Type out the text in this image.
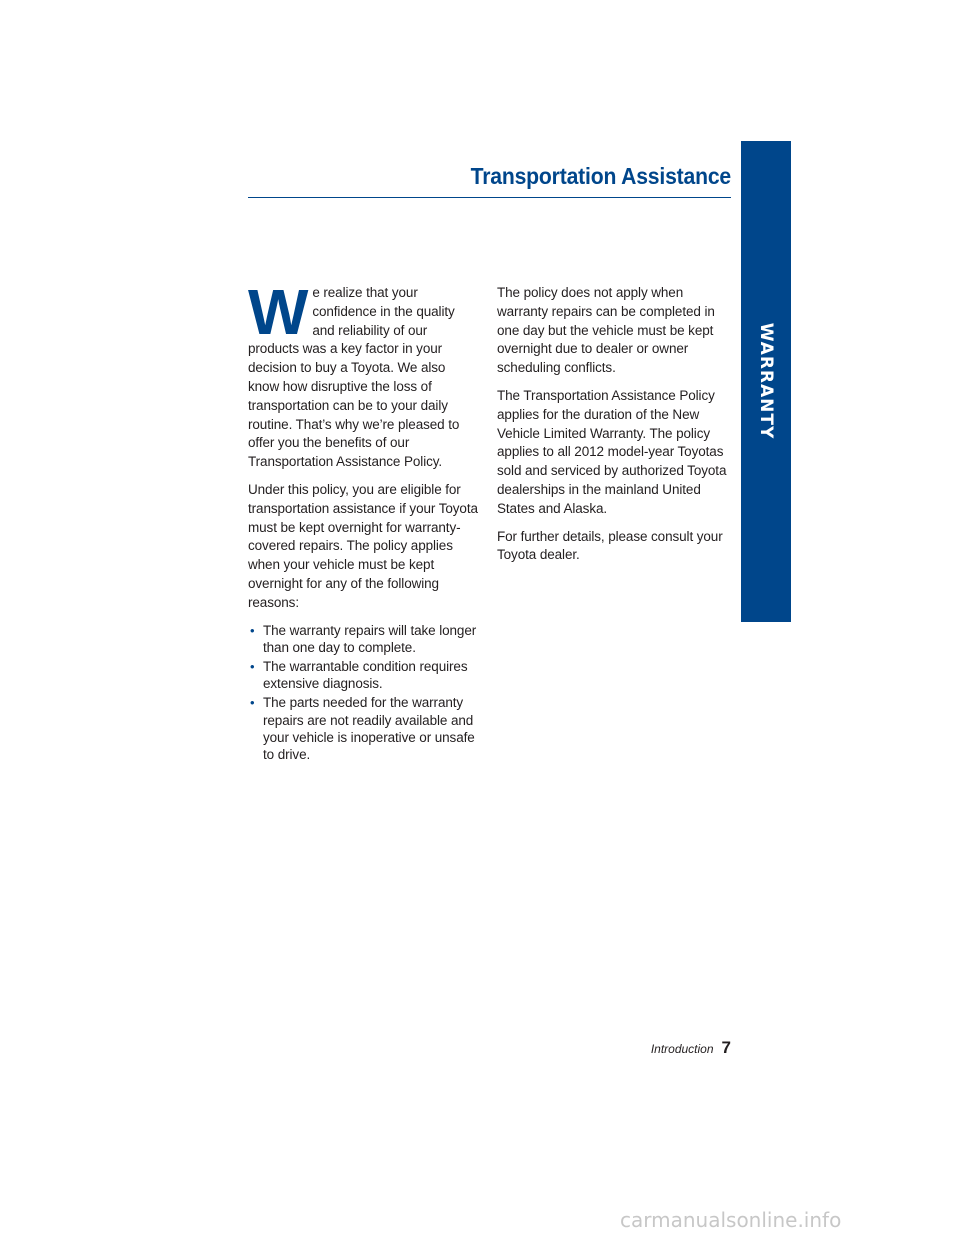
WARRANTY
Transportation Assistance

W e realize that your confidence in the quality and reliability of our products was a key factor in your decision to buy a Toyota. We also know how disruptive the loss of transportation can be to your daily routine. That’s why we’re pleased to offer you the benefits of our Transportation Assistance Policy.

Under this policy, you are eligible for transportation assistance if your Toyota must be kept overnight for warranty-covered repairs. The policy applies when your vehicle must be kept overnight for any of the following reasons:

• The warranty repairs will take longer than one day to complete.
• The warrantable condition requires extensive diagnosis.
• The parts needed for the warranty repairs are not readily available and your vehicle is inoperative or unsafe to drive.

The policy does not apply when warranty repairs can be completed in one day but the vehicle must be kept overnight due to dealer or owner scheduling conflicts.

The Transportation Assistance Policy applies for the duration of the New Vehicle Limited Warranty. The policy applies to all 2012 model-year Toyotas sold and serviced by authorized Toyota dealerships in the mainland United States and Alaska.

For further details, please consult your Toyota dealer.

Introduction 7
carmanualsonline.info
